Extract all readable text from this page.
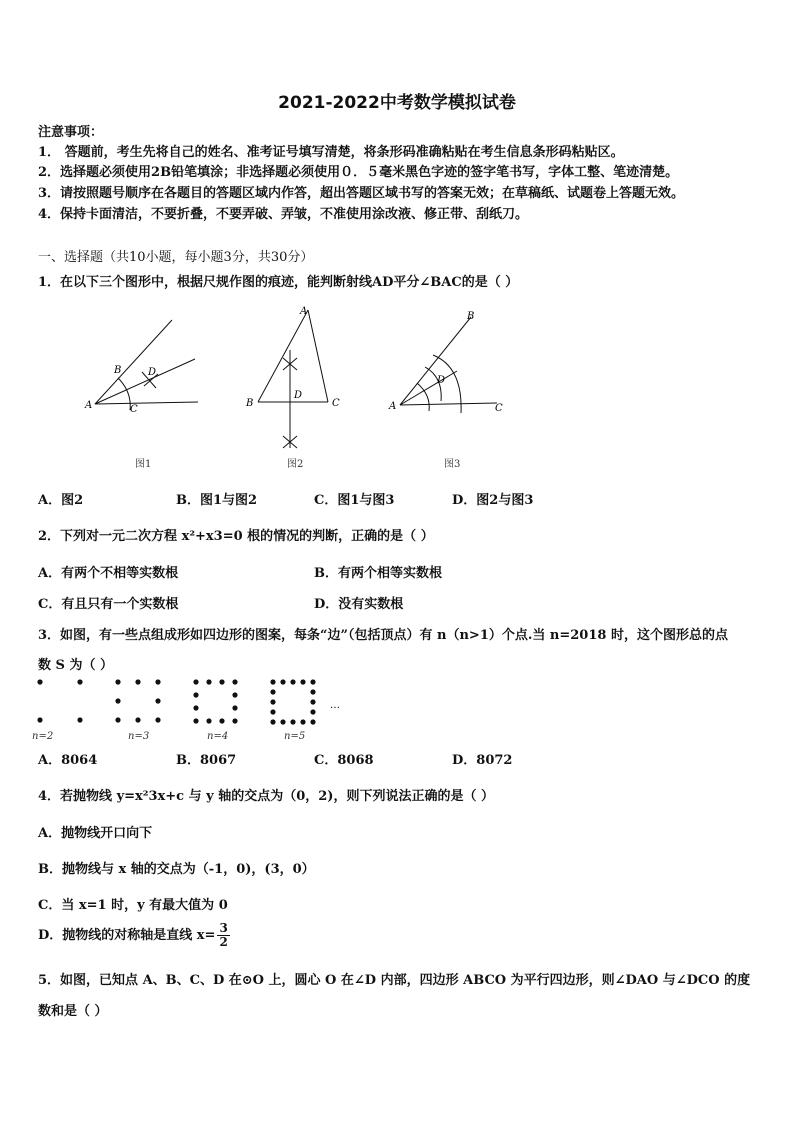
2021-2022中考数学模拟试卷
注意事项：
1． 答题前，考生先将自己的姓名、准考证号填写清楚，将条形码准确粘贴在考生信息条形码粘贴区。
2．选择题必须使用2B铅笔填涂；非选择题必须使用０．５毫米黑色字迹的签字笔书写，字体工整、笔迹清楚。
3．请按照题号顺序在各题目的答题区域内作答，超出答题区域书写的答案无效；在草稿纸、试题卷上答题无效。
4．保持卡面清洁，不要折叠，不要弄破、弄皱，不准使用涂改液、修正带、刮纸刀。
一、选择题（共10小题，每小题3分，共30分）
1．在以下三个图形中，根据尺规作图的痕迹，能判断射线AD平分∠BAC的是（ ）
A
B
C
D
图1
A
B	C
D
图2
A
B
C
D
图3
A．图2	B．图1与图2	C．图1与图3	D．图2与图3
2．下列对一元二次方程 x²+x3=0 根的情况的判断，正确的是（ ）
A．有两个不相等实数根	B．有两个相等实数根
C．有且只有一个实数根	D．没有实数根
3．如图，有一些点组成形如四边形的图案，每条“边”（包括顶点）有 n（n>1）个点.当 n=2018 时，这个图形总的点
数 S 为（ ）
…
n=2	n=3	n=4	n=5
A．8064	B．8067	C．8068	D．8072
4．若抛物线 y=x²3x+c 与 y 轴的交点为（0，2)，则下列说法正确的是（ ）
A．抛物线开口向下
B．抛物线与 x 轴的交点为（-1，0)，(3，0）
C．当 x=1 时，y 有最大值为 0
D．抛物线的对称轴是直线 $x= \frac{3}{2}$
5．如图，已知点 A、B、C、D 在⊙O 上，圆心 O 在∠D 内部，四边形 ABCO 为平行四边形，则∠DAO 与∠DCO 的度
数和是（ ）
